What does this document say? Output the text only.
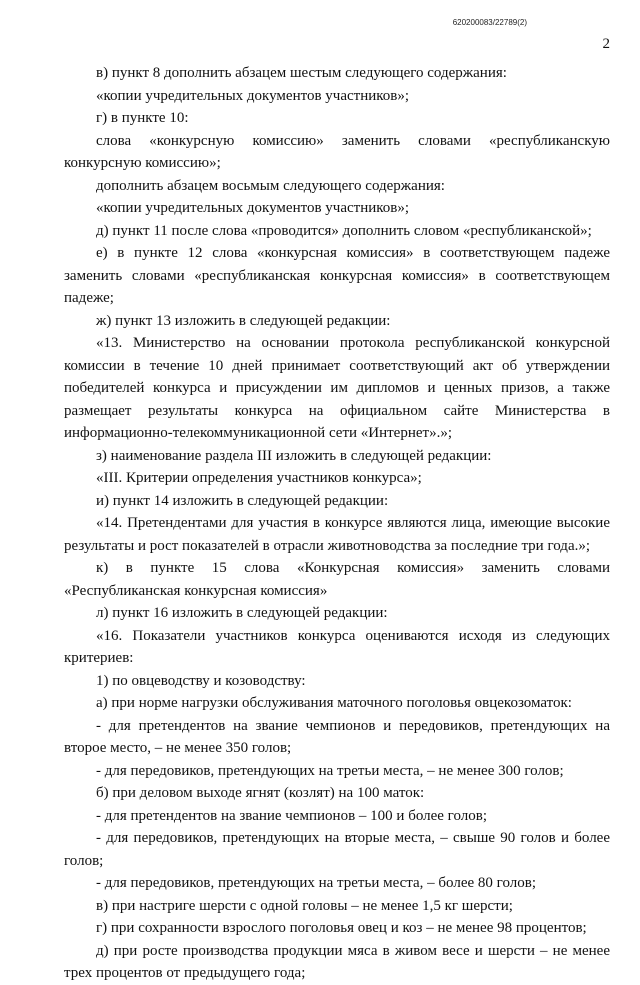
620200083/22789(2)
2
в) пункт 8 дополнить абзацем шестым следующего содержания:
«копии учредительных документов участников»;
г) в пункте 10:
слова «конкурсную комиссию» заменить словами «республиканскую конкурсную комиссию»;
дополнить абзацем восьмым следующего содержания:
«копии учредительных документов участников»;
д) пункт 11 после слова «проводится» дополнить словом «республиканской»;
е) в пункте 12 слова «конкурсная комиссия» в соответствующем падеже заменить словами «республиканская конкурсная комиссия» в соответствующем падеже;
ж) пункт 13 изложить в следующей редакции:
«13. Министерство на основании протокола республиканской конкурсной комиссии в течение 10 дней принимает соответствующий акт об утверждении победителей конкурса и присуждении им дипломов и ценных призов, а также размещает результаты конкурса на официальном сайте Министерства в информационно-телекоммуникационной сети «Интернет».»;
з) наименование раздела III изложить в следующей редакции:
«III. Критерии определения участников конкурса»;
и) пункт 14 изложить в следующей редакции:
«14. Претендентами для участия в конкурсе являются лица, имеющие высокие результаты и рост показателей в отрасли животноводства за последние три года.»;
к) в пункте 15 слова «Конкурсная комиссия» заменить словами «Республиканская конкурсная комиссия»
л) пункт 16 изложить в следующей редакции:
«16. Показатели участников конкурса оцениваются исходя из следующих критериев:
1) по овцеводству и козоводству:
а) при норме нагрузки обслуживания маточного поголовья овцекозоматок:
- для претендентов на звание чемпионов и передовиков, претендующих на второе место, – не менее 350 голов;
- для передовиков, претендующих на третьи места, – не менее 300 голов;
б) при деловом выходе ягнят (козлят) на 100 маток:
- для претендентов на звание чемпионов – 100 и более голов;
- для передовиков, претендующих на вторые места, – свыше 90 голов и более голов;
- для передовиков, претендующих на третьи места, – более 80 голов;
в) при настриге шерсти с одной головы – не менее 1,5 кг шерсти;
г) при сохранности взрослого поголовья овец и коз – не менее 98 процентов;
д) при росте производства продукции мяса в живом весе и шерсти – не менее трех процентов от предыдущего года;
